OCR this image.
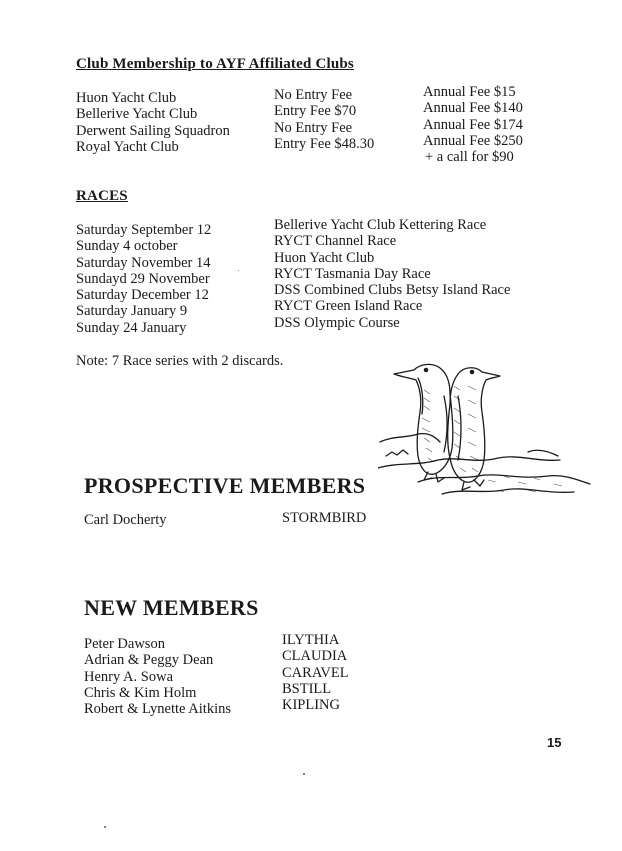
Club Membership to AYF Affiliated Clubs
Huon Yacht Club
Bellerive Yacht Club
Derwent Sailing Squadron
Royal Yacht Club
No Entry Fee
Entry Fee $70
No Entry Fee
Entry Fee $48.30
Annual Fee $15
Annual Fee $140
Annual Fee $174
Annual Fee $250
+ a call for $90
RACES
Saturday September 12
Sunday 4 october
Saturday November 14
Sundayd 29 November
Saturday December 12
Saturday January 9
Sunday 24 January
Bellerive Yacht Club Kettering Race
RYCT Channel Race
Huon Yacht Club
RYCT Tasmania Day Race
DSS Combined Clubs Betsy Island Race
RYCT Green Island Race
DSS Olympic Course
Note: 7 Race series with 2 discards.
PROSPECTIVE MEMBERS
Carl Docherty	STORMBIRD
NEW MEMBERS
Peter Dawson
Adrian & Peggy Dean
Henry A. Sowa
Chris & Kim Holm
Robert & Lynette Aitkins
ILYTHIA
CLAUDIA
CARAVEL
BSTILL
KIPLING
15
